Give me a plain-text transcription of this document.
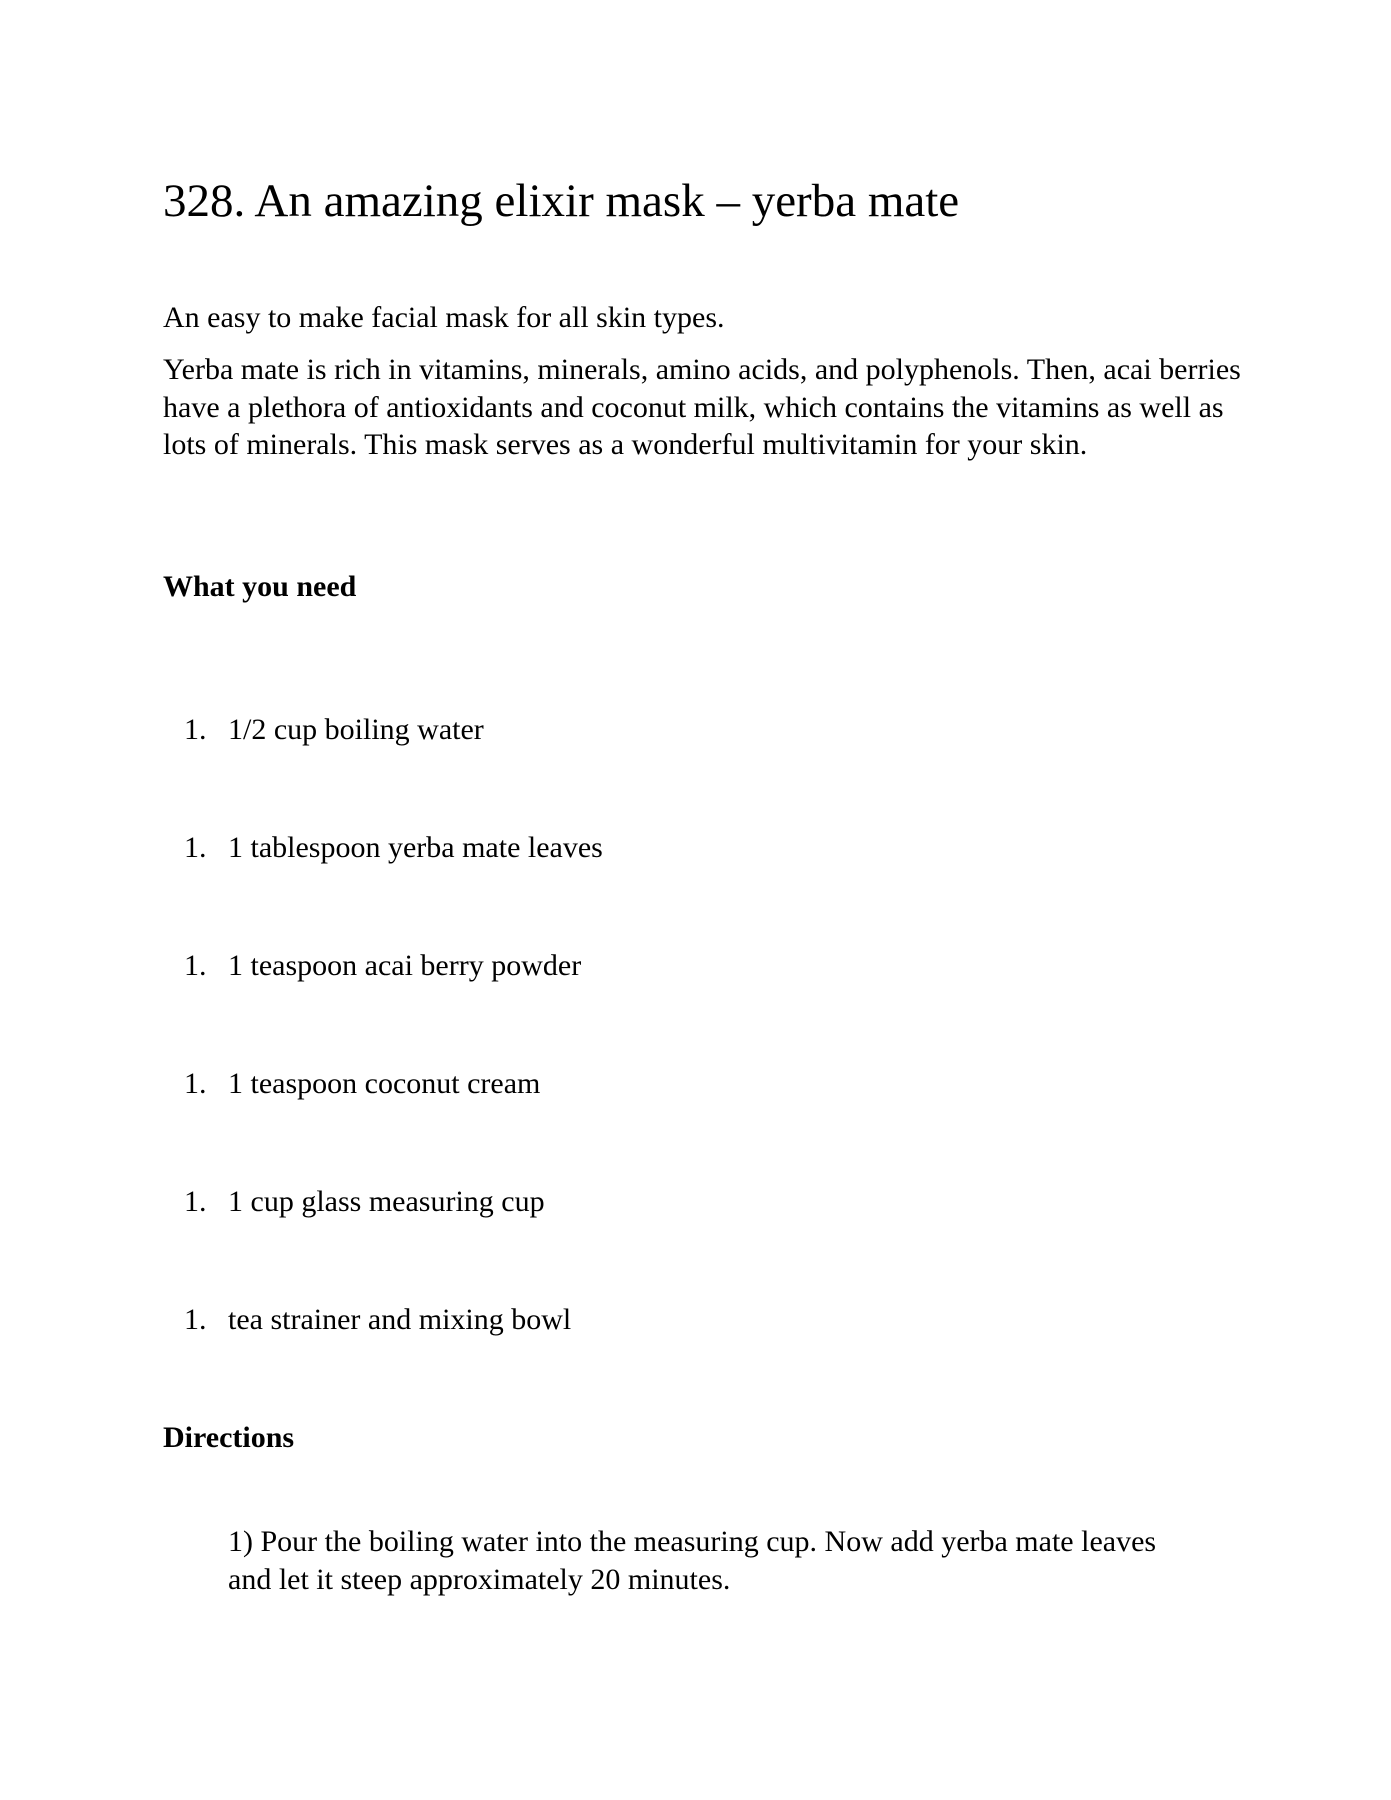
328. An amazing elixir mask – yerba mate

An easy to make facial mask for all skin types.

Yerba mate is rich in vitamins, minerals, amino acids, and polyphenols. Then, acai berries have a plethora of antioxidants and coconut milk, which contains the vitamins as well as lots of minerals. This mask serves as a wonderful multivitamin for your skin.

What you need
1. 1/2 cup boiling water
1. 1 tablespoon yerba mate leaves
1. 1 teaspoon acai berry powder
1. 1 teaspoon coconut cream
1. 1 cup glass measuring cup
1. tea strainer and mixing bowl
Directions

1) Pour the boiling water into the measuring cup. Now add yerba mate leaves and let it steep approximately 20 minutes.
